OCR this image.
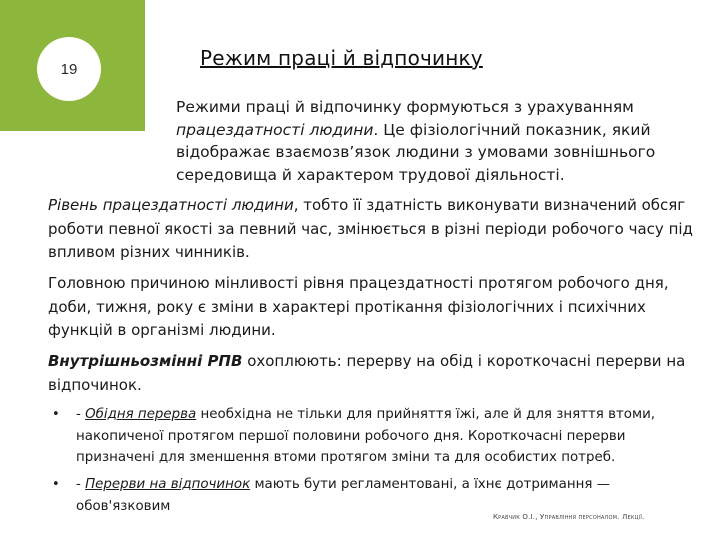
19	Режим праці й відпочинку

Режими праці й відпочинку формуються з урахуванням працездатності людини. Це фізіологічний показник, який відображає взаємозв’язок людини з умовами зовнішнього середовища й характером трудової діяльності.

Рівень працездатності людини, тобто її здатність виконувати визначений обсяг роботи певної якості за певний час, змінюється в різні періоди робочого часу під впливом різних чинників.

Головною причиною мінливості рівня працездатності протягом робочого дня, доби, тижня, року є зміни в характері протікання фізіологічних і психічних функцій в організмі людини.

Внутрішньозмінні РПВ охоплюють: перерву на обід і короткочасні перерви на відпочинок.

• - Обідня перерва необхідна не тільки для прийняття їжі, але й для зняття втоми, накопиченої протягом першої половини робочого дня. Короткочасні перерви призначені для зменшення втоми протягом зміни та для особистих потреб.

• - Перерви на відпочинок мають бути регламентовані, а їхнє дотримання — обов'язковим

Кравчик О.І., Управління персоналом. Лекції.
